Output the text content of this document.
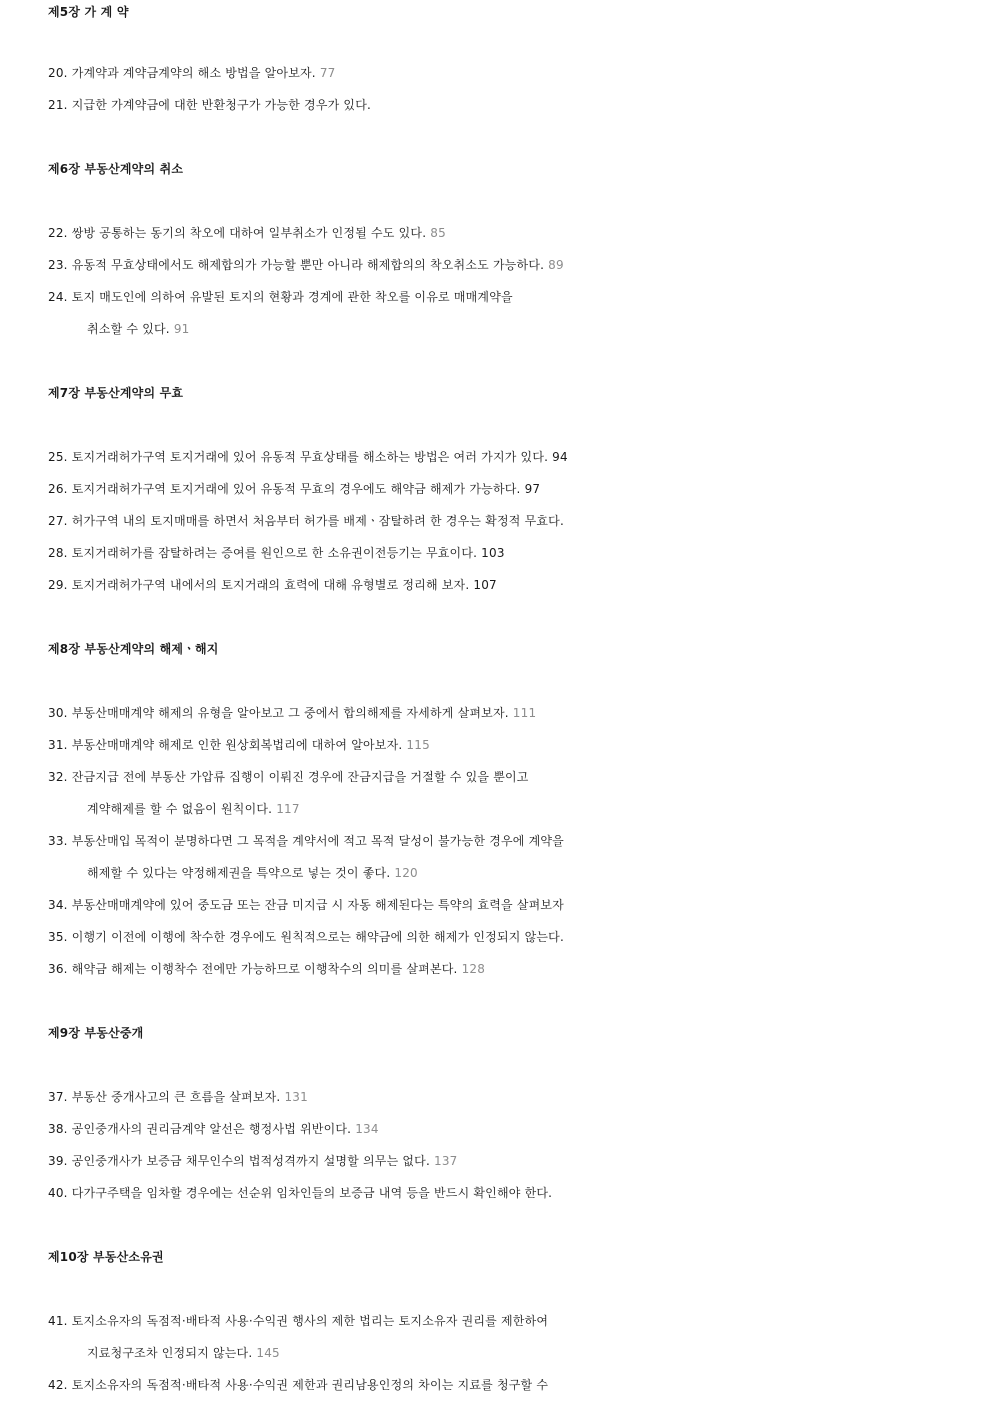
제5장 가 계 약
20. 가계약과 계약금계약의 해소 방법을 알아보자. 77
21. 지급한 가계약금에 대한 반환청구가 가능한 경우가 있다.
제6장 부동산계약의 취소
22. 쌍방 공통하는 동기의 착오에 대하여 일부취소가 인정될 수도 있다. 85
23. 유동적 무효상태에서도 해제합의가 가능할 뿐만 아니라 해제합의의 착오취소도 가능하다. 89
24. 토지 매도인에 의하여 유발된 토지의 현황과 경계에 관한 착오를 이유로 매매계약을
취소할 수 있다. 91
제7장 부동산계약의 무효
25. 토지거래허가구역 토지거래에 있어 유동적 무효상태를 해소하는 방법은 여러 가지가 있다. 94
26. 토지거래허가구역 토지거래에 있어 유동적 무효의 경우에도 해약금 해제가 가능하다. 97
27. 허가구역 내의 토지매매를 하면서 처음부터 허가를 배제ㆍ잠탈하려 한 경우는 확정적 무효다.
28. 토지거래허가를 잠탈하려는 증여를 원인으로 한 소유권이전등기는 무효이다. 103
29. 토지거래허가구역 내에서의 토지거래의 효력에 대해 유형별로 정리해 보자. 107
제8장 부동산계약의 해제ㆍ해지
30. 부동산매매계약 해제의 유형을 알아보고 그 중에서 합의해제를 자세하게 살펴보자. 111
31. 부동산매매계약 해제로 인한 원상회복법리에 대하여 알아보자. 115
32. 잔금지급 전에 부동산 가압류 집행이 이뤄진 경우에 잔금지급을 거절할 수 있을 뿐이고
계약해제를 할 수 없음이 원칙이다. 117
33. 부동산매입 목적이 분명하다면 그 목적을 계약서에 적고 목적 달성이 불가능한 경우에 계약을
해제할 수 있다는 약정해제권을 특약으로 넣는 것이 좋다. 120
34. 부동산매매계약에 있어 중도금 또는 잔금 미지급 시 자동 해제된다는 특약의 효력을 살펴보자
35. 이행기 이전에 이행에 착수한 경우에도 원칙적으로는 해약금에 의한 해제가 인정되지 않는다.
36. 해약금 해제는 이행착수 전에만 가능하므로 이행착수의 의미를 살펴본다. 128
제9장 부동산중개
37. 부동산 중개사고의 큰 흐름을 살펴보자. 131
38. 공인중개사의 권리금계약 알선은 행정사법 위반이다. 134
39. 공인중개사가 보증금 채무인수의 법적성격까지 설명할 의무는 없다. 137
40. 다가구주택을 임차할 경우에는 선순위 임차인들의 보증금 내역 등을 반드시 확인해야 한다.
제10장 부동산소유권
41. 토지소유자의 독점적·배타적 사용·수익권 행사의 제한 법리는 토지소유자 권리를 제한하여
지료청구조차 인정되지 않는다. 145
42. 토지소유자의 독점적·배타적 사용·수익권 제한과 권리남용인정의 차이는 지료를 청구할 수
